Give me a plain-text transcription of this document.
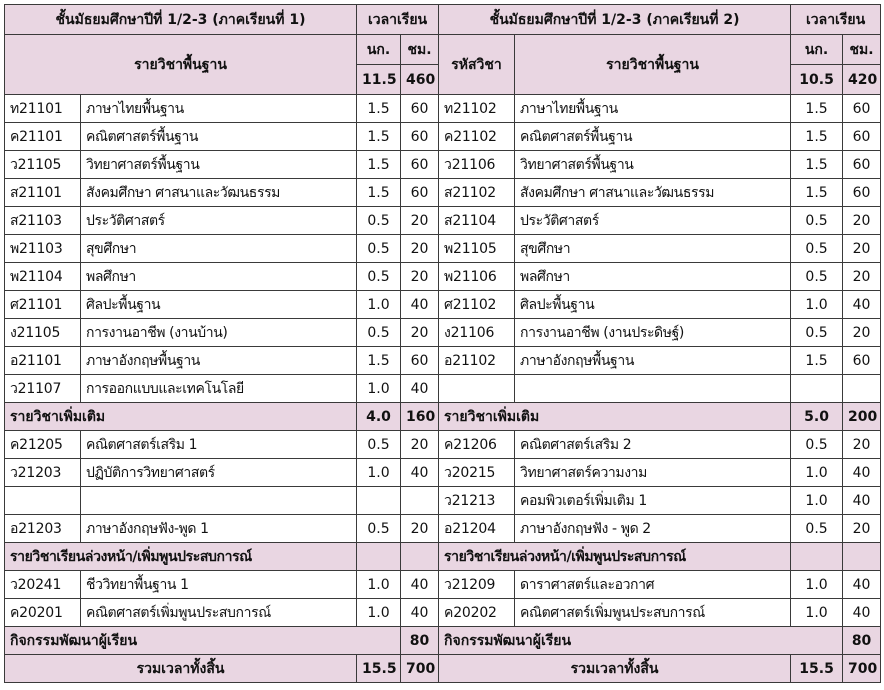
ชั้นมัธยมศึกษาปีที่ 1/2-3 (ภาคเรียนที่ 1)		เวลาเรียน		ชั้นมัธยมศึกษาปีที่ 1/2-3 (ภาคเรียนที่ 2)		เวลาเรียน	
รายวิชาพื้นฐาน		นก.	ชม.	รหัสวิชา	รายวิชาพื้นฐาน	นก.	ชม.
		11.5	460			10.5	420
ท21101	ภาษาไทยพื้นฐาน	1.5	60	ท21102	ภาษาไทยพื้นฐาน	1.5	60
ค21101	คณิตศาสตร์พื้นฐาน	1.5	60	ค21102	คณิตศาสตร์พื้นฐาน	1.5	60
ว21105	วิทยาศาสตร์พื้นฐาน	1.5	60	ว21106	วิทยาศาสตร์พื้นฐาน	1.5	60
ส21101	สังคมศึกษา ศาสนาและวัฒนธรรม	1.5	60	ส21102	สังคมศึกษา ศาสนาและวัฒนธรรม	1.5	60
ส21103	ประวัติศาสตร์	0.5	20	ส21104	ประวัติศาสตร์	0.5	20
พ21103	สุขศึกษา	0.5	20	พ21105	สุขศึกษา	0.5	20
พ21104	พลศึกษา	0.5	20	พ21106	พลศึกษา	0.5	20
ศ21101	ศิลปะพื้นฐาน	1.0	40	ศ21102	ศิลปะพื้นฐาน	1.0	40
ง21105	การงานอาชีพ (งานบ้าน)	0.5	20	ง21106	การงานอาชีพ (งานประดิษฐ์)	0.5	20
อ21101	ภาษาอังกฤษพื้นฐาน	1.5	60	อ21102	ภาษาอังกฤษพื้นฐาน	1.5	60
ว21107	การออกแบบและเทคโนโลยี	1.0	40				
รายวิชาเพิ่มเติม		4.0	160	รายวิชาเพิ่มเติม		5.0	200
ค21205	คณิตศาสตร์เสริม 1	0.5	20	ค21206	คณิตศาสตร์เสริม 2	0.5	20
ว21203	ปฏิบัติการวิทยาศาสตร์	1.0	40	ว20215	วิทยาศาสตร์ความงาม	1.0	40
				ว21213	คอมพิวเตอร์เพิ่มเติม 1	1.0	40
อ21203	ภาษาอังกฤษฟัง-พูด 1	0.5	20	อ21204	ภาษาอังกฤษฟัง - พูด 2	0.5	20
รายวิชาเรียนล่วงหน้า/เพิ่มพูนประสบการณ์				รายวิชาเรียนล่วงหน้า/เพิ่มพูนประสบการณ์			
ว20241	ชีววิทยาพื้นฐาน 1	1.0	40	ว21209	ดาราศาสตร์และอวกาศ	1.0	40
ค20201	คณิตศาสตร์เพิ่มพูนประสบการณ์	1.0	40	ค20202	คณิตศาสตร์เพิ่มพูนประสบการณ์	1.0	40
กิจกรรมพัฒนาผู้เรียน			80	กิจกรรมพัฒนาผู้เรียน			80
รวมเวลาทั้งสิ้น		15.5	700	รวมเวลาทั้งสิ้น		15.5	700
